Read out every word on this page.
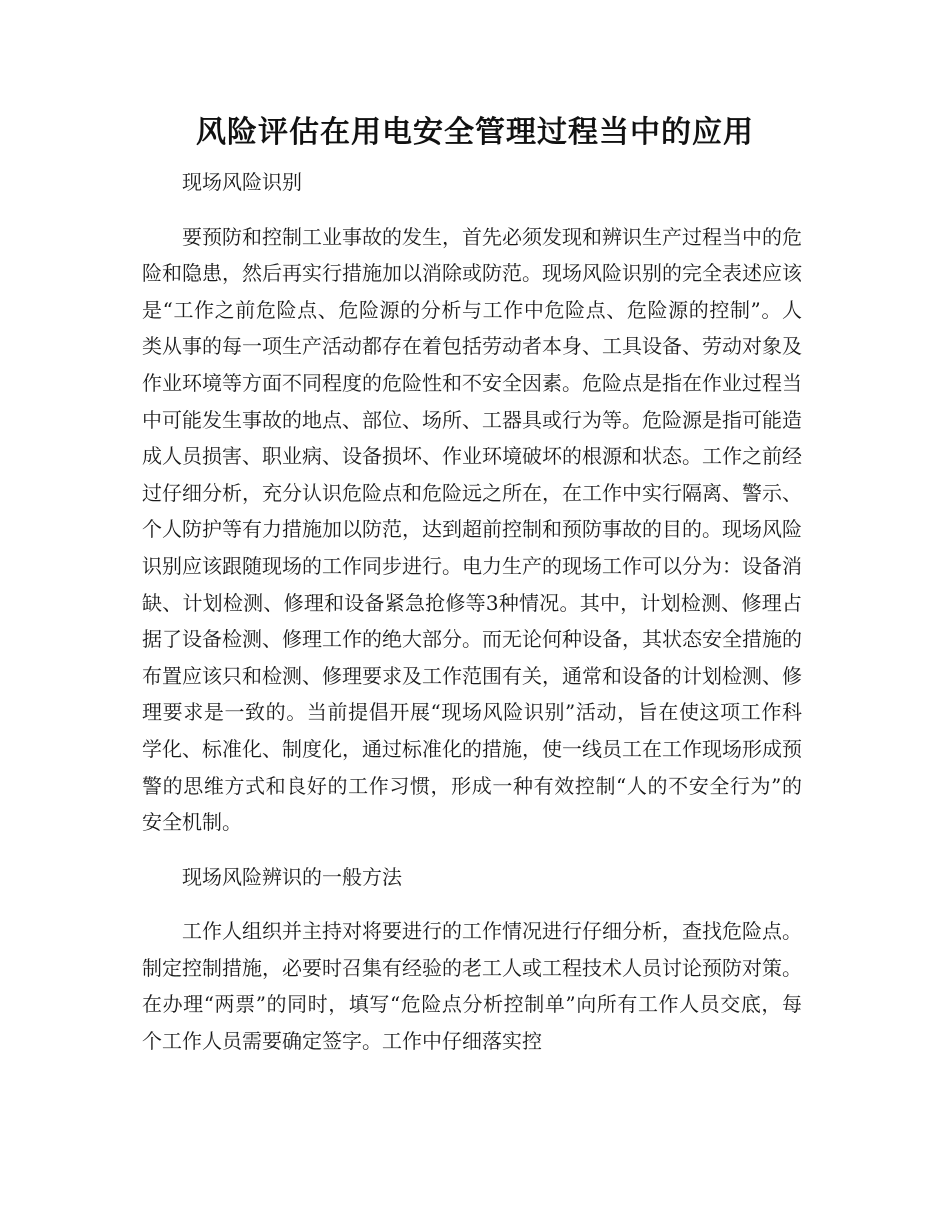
风险评估在用电安全管理过程当中的应用

现场风险识别

要预防和控制工业事故的发生，首先必须发现和辨识生产过程当中的危险和隐患，然后再实行措施加以消除或防范。现场风险识别的完全表述应该是“工作之前危险点、危险源的分析与工作中危险点、危险源的控制”。人类从事的每一项生产活动都存在着包括劳动者本身、工具设备、劳动对象及作业环境等方面不同程度的危险性和不安全因素。危险点是指在作业过程当中可能发生事故的地点、部位、场所、工器具或行为等。危险源是指可能造成人员损害、职业病、设备损坏、作业环境破坏的根源和状态。工作之前经过仔细分析，充分认识危险点和危险远之所在，在工作中实行隔离、警示、个人防护等有力措施加以防范，达到超前控制和预防事故的目的。现场风险识别应该跟随现场的工作同步进行。电力生产的现场工作可以分为：设备消缺、计划检测、修理和设备紧急抢修等3种情况。其中，计划检测、修理占据了设备检测、修理工作的绝大部分。而无论何种设备，其状态安全措施的布置应该只和检测、修理要求及工作范围有关，通常和设备的计划检测、修理要求是一致的。当前提倡开展“现场风险识别”活动，旨在使这项工作科学化、标准化、制度化，通过标准化的措施，使一线员工在工作现场形成预警的思维方式和良好的工作习惯，形成一种有效控制“人的不安全行为”的安全机制。

现场风险辨识的一般方法

工作人组织并主持对将要进行的工作情况进行仔细分析，查找危险点。 制定控制措施，必要时召集有经验的老工人或工程技术人员讨论预防对策。在办理“两票”的同时，填写“危险点分析控制单”向所有工作人员交底，每个工作人员需要确定签字。工作中仔细落实控
